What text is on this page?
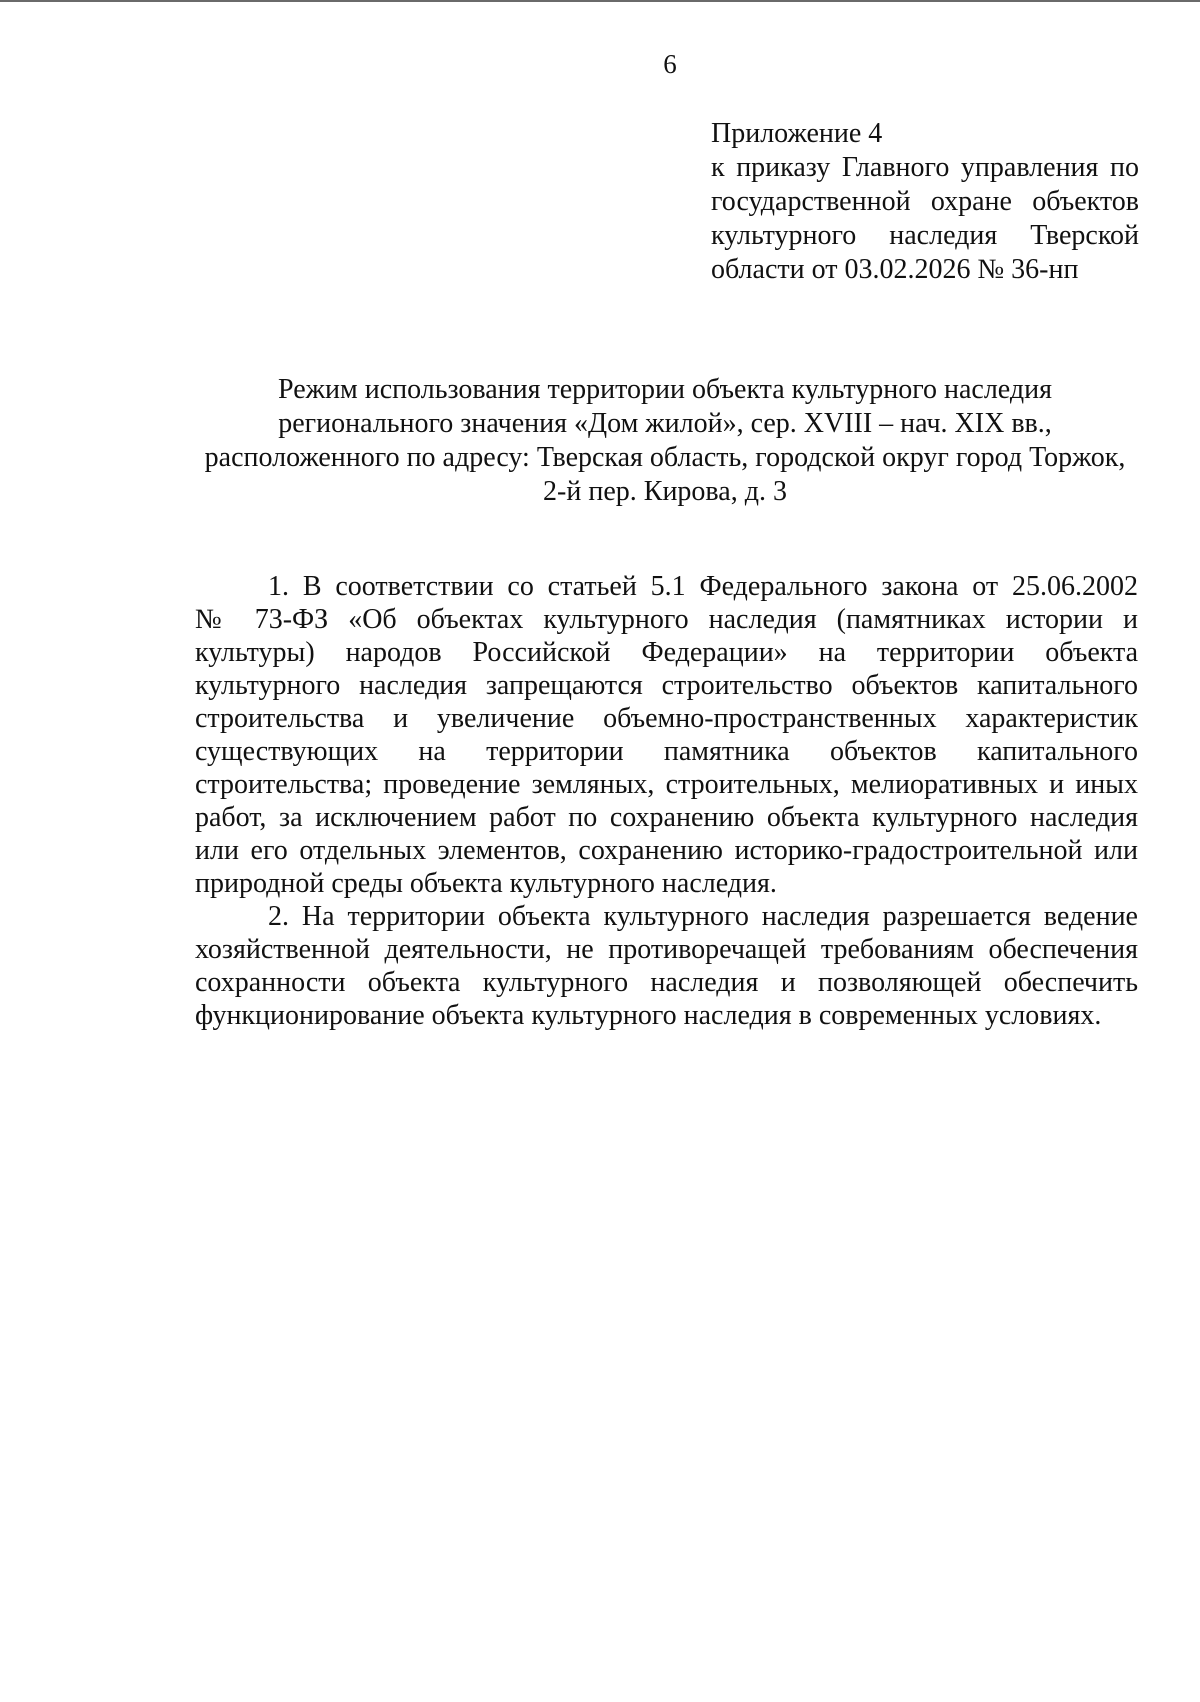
6
Приложение 4
к приказу Главного управления по
государственной охране объектов
культурного наследия Тверской
области от 03.02.2026 № 36-нп
Режим использования территории объекта культурного наследия
регионального значения «Дом жилой», сер. XVIII – нач. XIX вв.,
расположенного по адресу: Тверская область, городской округ город Торжок,
2-й пер. Кирова, д. 3
1. В соответствии со статьей 5.1 Федерального закона от 25.06.2002
№ 73-ФЗ «Об объектах культурного наследия (памятниках истории и
культуры) народов Российской Федерации» на территории объекта
культурного наследия запрещаются строительство объектов капитального
строительства и увеличение объемно-пространственных характеристик
существующих на территории памятника объектов капитального
строительства; проведение земляных, строительных, мелиоративных и иных
работ, за исключением работ по сохранению объекта культурного наследия
или его отдельных элементов, сохранению историко-градостроительной или
природной среды объекта культурного наследия.
2. На территории объекта культурного наследия разрешается ведение
хозяйственной деятельности, не противоречащей требованиям обеспечения
сохранности объекта культурного наследия и позволяющей обеспечить
функционирование объекта культурного наследия в современных условиях.
